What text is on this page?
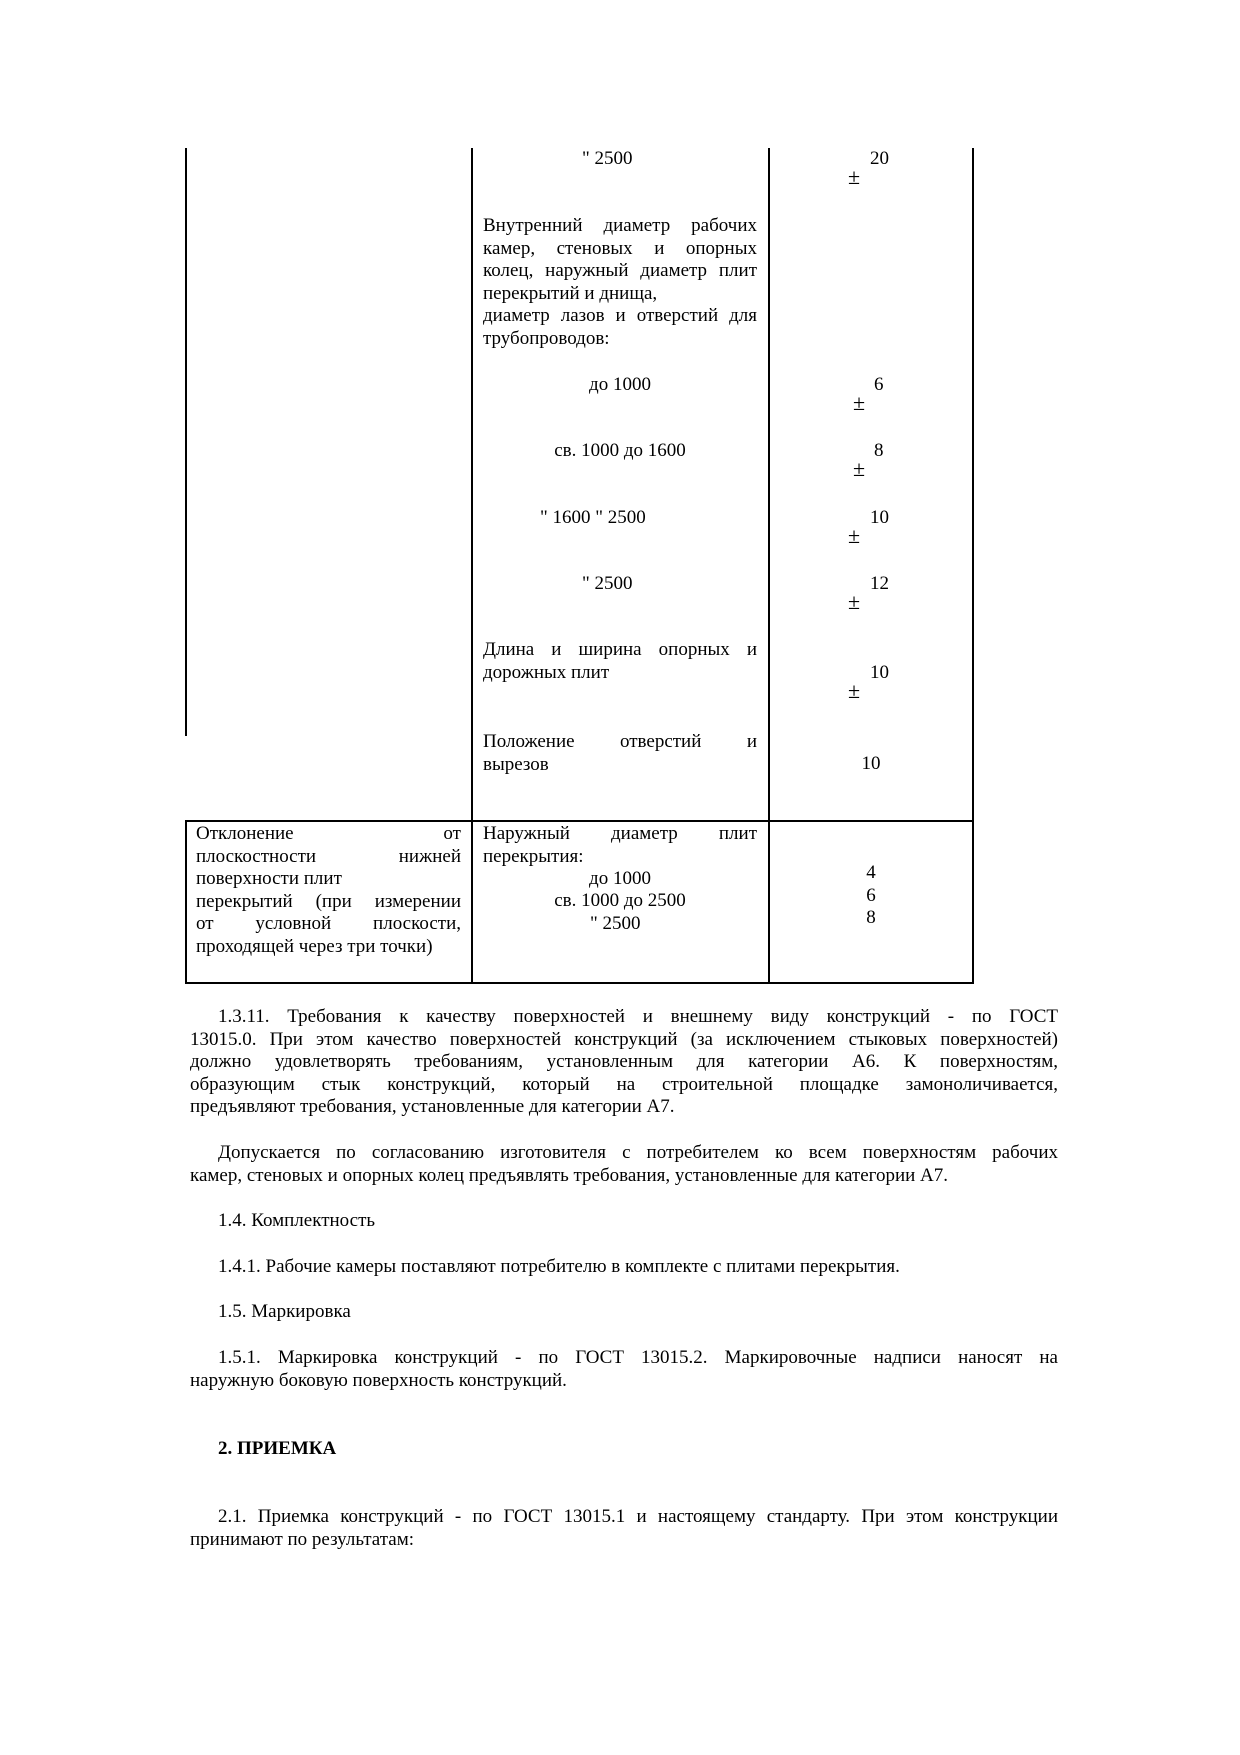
" 2500
Внутренний диаметр рабочих
камер, стеновых и опорных
колец, наружный диаметр плит
перекрытий и днища,
диаметр лазов и отверстий для
трубопроводов:
до 1000
св. 1000 до 1600
" 1600 " 2500
" 2500
Длина и ширина опорных и
дорожных плит
Положение отверстий и
вырезов
20
±
6
±
8
±
10
±
12
±
10
±
10
Отклонение от
плоскостности нижней
поверхности плит
перекрытий (при измерении
от условной плоскости,
проходящей через три точки)
Наружный диаметр плит
перекрытия:
до 1000
св. 1000 до 2500
" 2500
4
6
8
1.3.11. Требования к качеству поверхностей и внешнему виду конструкций - по ГОСТ
13015.0. При этом качество поверхностей конструкций (за исключением стыковых поверхностей)
должно удовлетворять требованиям, установленным для категории А6. К поверхностям,
образующим стык конструкций, который на строительной площадке замоноличивается,
предъявляют требования, установленные для категории А7.
Допускается по согласованию изготовителя с потребителем ко всем поверхностям рабочих
камер, стеновых и опорных колец предъявлять требования, установленные для категории А7.
1.4. Комплектность
1.4.1. Рабочие камеры поставляют потребителю в комплекте с плитами перекрытия.
1.5. Маркировка
1.5.1. Маркировка конструкций - по ГОСТ 13015.2. Маркировочные надписи наносят на
наружную боковую поверхность конструкций.
2. ПРИЕМКА
2.1. Приемка конструкций - по ГОСТ 13015.1 и настоящему стандарту. При этом конструкции
принимают по результатам:
